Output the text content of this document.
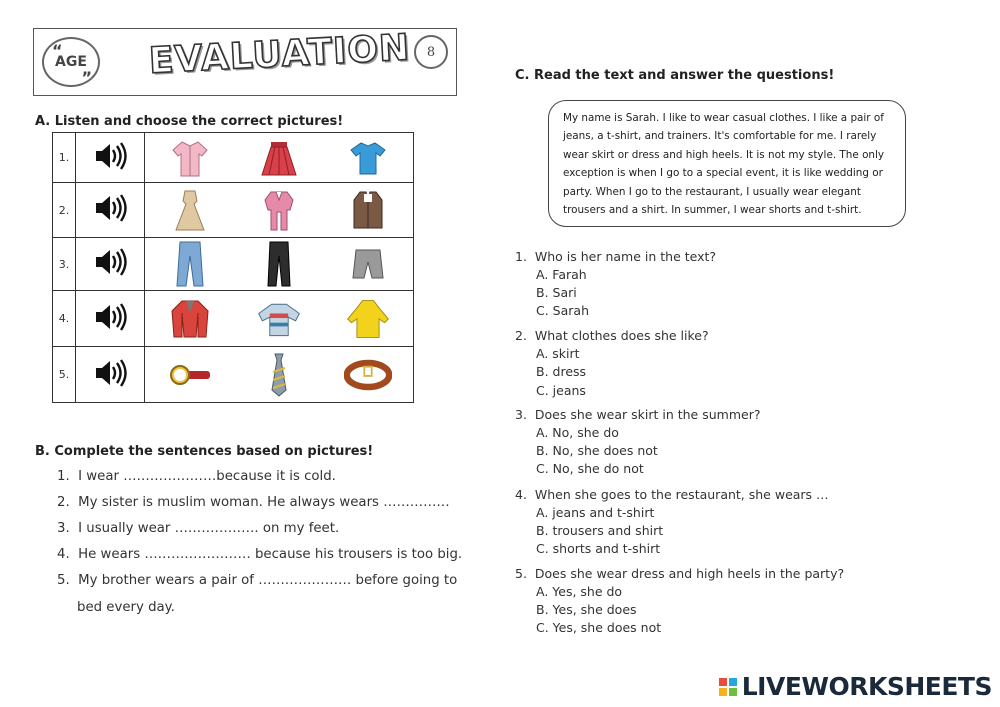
“
AGE
” EVALUATION	8
A. Listen and choose the correct pictures!
1.		

2.		

3.		

4.		

5.		
B. Complete the sentences based on pictures!
1. I wear …………………because it is cold.
2. My sister is muslim woman. He always wears ……………
3. I usually wear ………………. on my feet.
4. He wears …………………… because his trousers is too big.
5. My brother wears a pair of ………………… before going to
bed every day.
C. Read the text and answer the questions!
My name is Sarah. I like to wear casual clothes. I like a pair of
jeans, a t-shirt, and trainers. It's comfortable for me. I rarely
wear skirt or dress and high heels. It is not my style. The only
exception is when I go to a special event, it is like wedding or
party. When I go to the restaurant, I usually wear elegant
trousers and a shirt. In summer, I wear shorts and t-shirt.
1. Who is her name in the text?
A. Farah
B. Sari
C. Sarah
2. What clothes does she like?
A. skirt
B. dress
C. jeans
3. Does she wear skirt in the summer?
A. No, she do
B. No, she does not
C. No, she do not
4. When she goes to the restaurant, she wears …
A. jeans and t-shirt
B. trousers and shirt
C. shorts and t-shirt
5. Does she wear dress and high heels in the party?
A. Yes, she do
B. Yes, she does
C. Yes, she does not
LIVEWORKSHEETS
